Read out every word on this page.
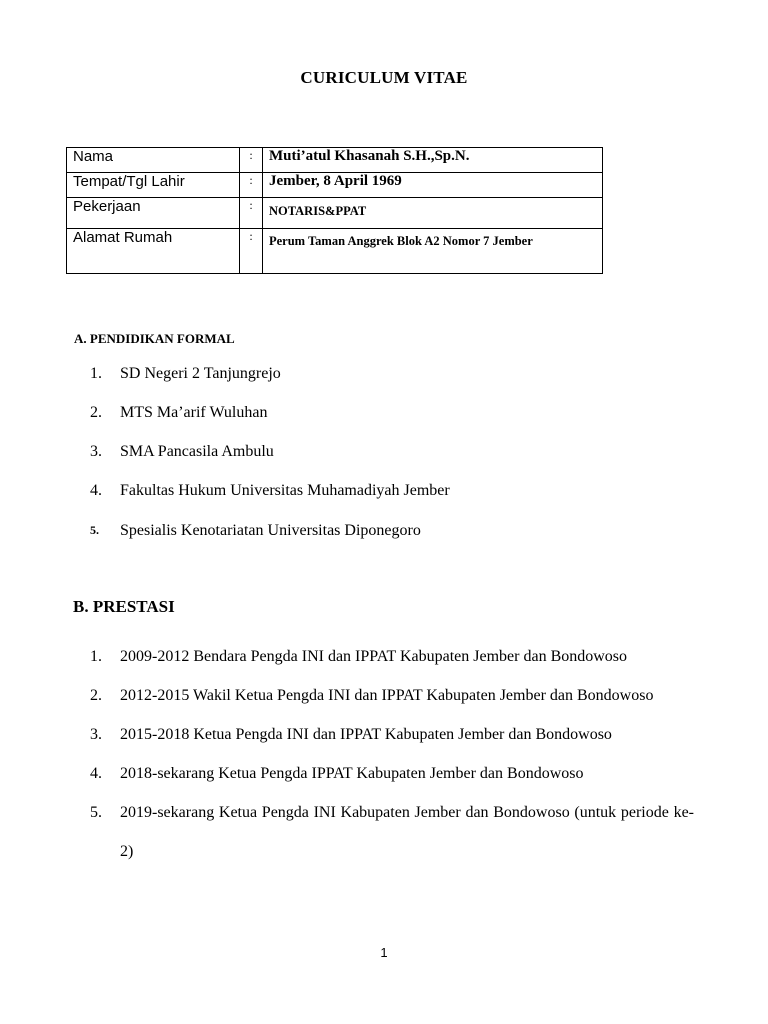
CURICULUM VITAE
Nama	:	Muti’atul Khasanah S.H.,Sp.N.
Tempat/Tgl Lahir	:	Jember, 8 April 1969
Pekerjaan	:	NOTARIS&PPAT
Alamat Rumah	:	Perum Taman Anggrek Blok A2 Nomor 7 Jember
A. PENDIDIKAN FORMAL
1. SD Negeri 2 Tanjungrejo
2. MTS Ma’arif Wuluhan
3. SMA Pancasila Ambulu
4. Fakultas Hukum Universitas Muhamadiyah Jember
5. Spesialis Kenotariatan Universitas Diponegoro
B. PRESTASI
1.	2009-2012 Bendara Pengda INI dan IPPAT Kabupaten Jember dan Bondowoso
2.	2012-2015 Wakil Ketua Pengda INI dan IPPAT Kabupaten Jember dan Bondowoso
3.	2015-2018 Ketua Pengda INI dan IPPAT Kabupaten Jember dan Bondowoso
4.	2018-sekarang Ketua Pengda IPPAT Kabupaten Jember dan Bondowoso
5.	2019-sekarang Ketua Pengda INI Kabupaten Jember dan Bondowoso (untuk periode ke-2)
1
